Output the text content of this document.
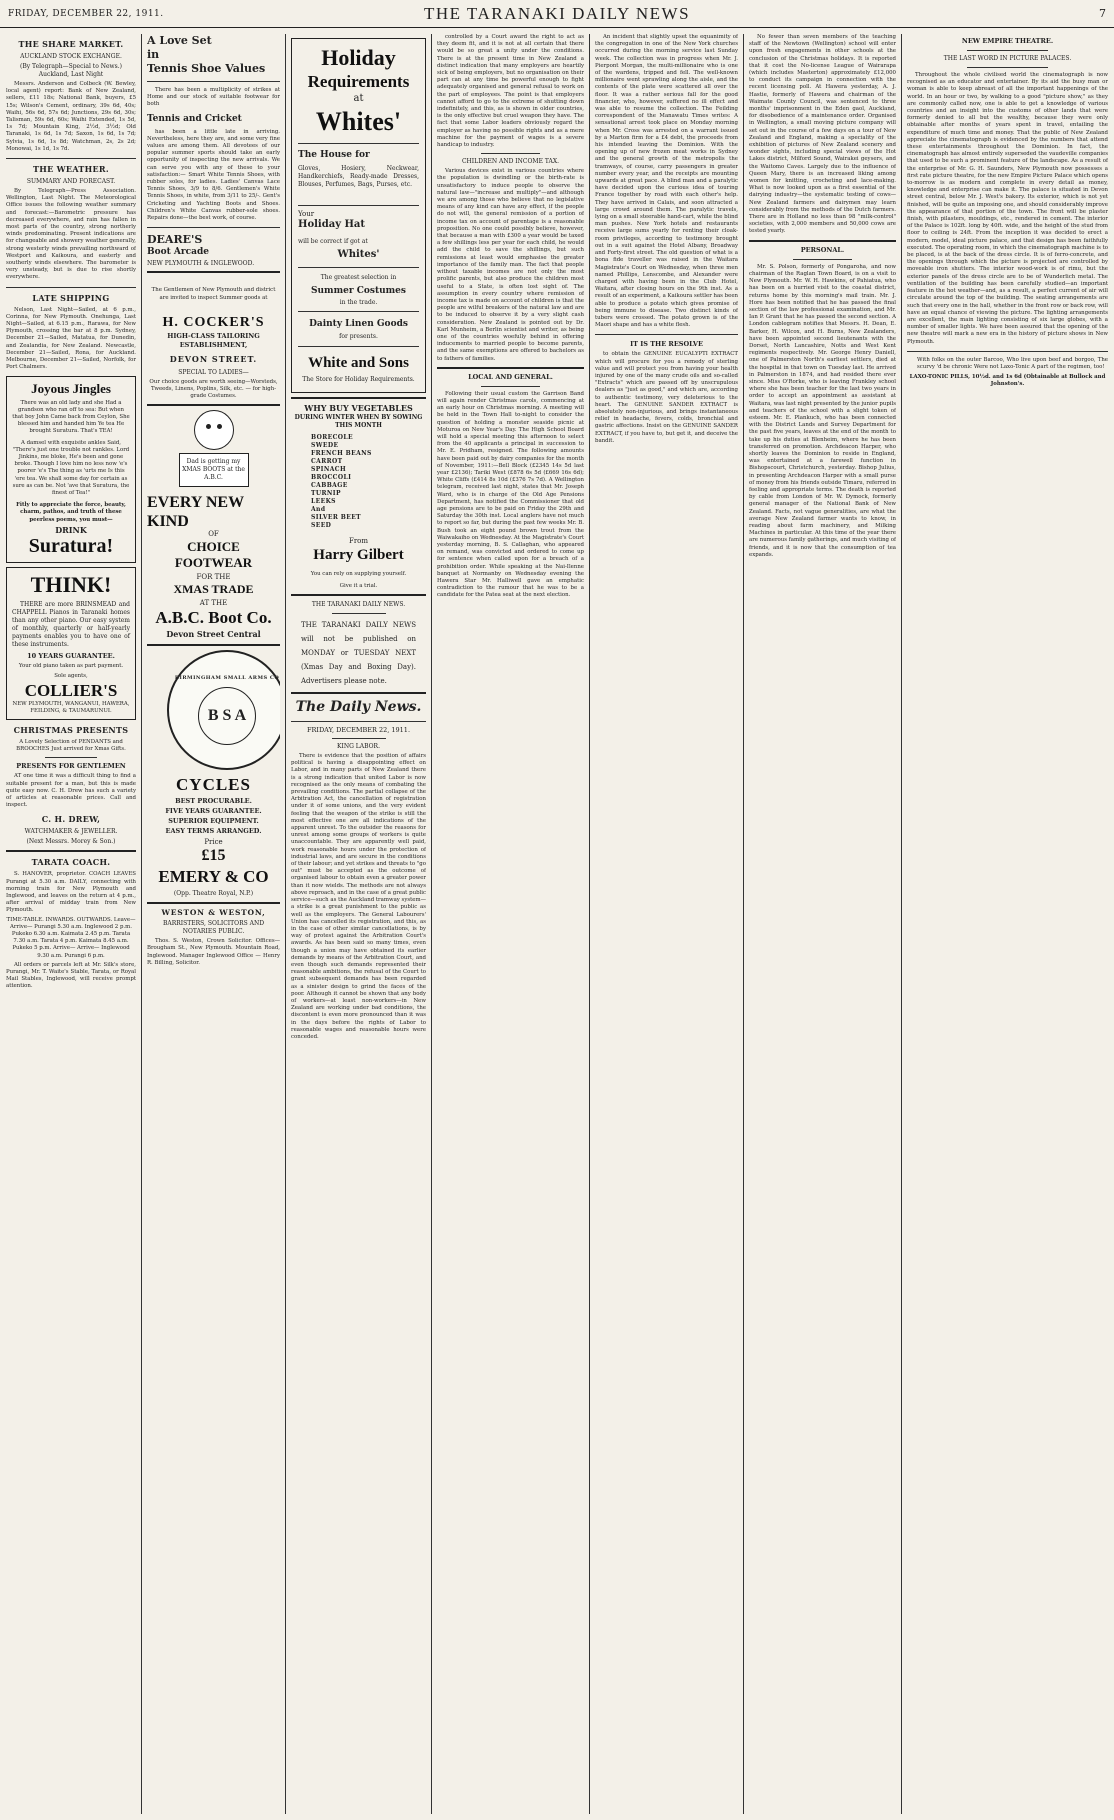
FRIDAY, DECEMBER 22, 1911.	THE TARANAKI DAILY NEWS	7
THE SHARE MARKET.
AUCKLAND STOCK EXCHANGE.
(By Telegraph—Special to News.) Auckland, Last Night

Messrs. Anderson and Colbeck (W. Bewley, local agent) report: Bank of New Zealand, sellers, £11 18s; National Bank, buyers, £5 15s; Wilson's Cement, ordinary, 39s 6d, 40s; Waihi, 56s 6d, 57s 6d; Junctions, 29s 6d, 30s; Talisman, 59s 6d, 60s; Waihi Extended, 1s 5d, 1s 7d; Mountain King, 2½d, 3½d; Old Taranaki, 1s 6d, 1s 7d; Saxon, 1s 6d, 1s 7d; Sylvia, 1s 6d, 1s 8d; Watchman, 2s, 2s 2d; Monowai, 1s 1d, 1s 7d.

THE WEATHER.
SUMMARY AND FORECAST.

By Telegraph—Press Association. Wellington, Last Night. The Meteorological Office issues the following weather summary and forecast:—Barometric pressure has decreased everywhere, and rain has fallen in most parts of the country, strong northerly winds predominating. Present indications are for changeable and showery weather generally, strong westerly winds prevailing northward of Westport and Kaikoura, and easterly and southerly winds elsewhere. The barometer is very unsteady, but is due to rise shortly everywhere.

LATE SHIPPING

Nelson, Last Night—Sailed, at 6 p.m., Corinna, for New Plymouth. Onehunga, Last Night—Sailed, at 6.15 p.m., Rarawa, for New Plymouth, crossing the bar at 8 p.m. Sydney, December 21—Sailed, Matatua, for Dunedin, and Zealandia, for New Zealand. Newcastle, December 21—Sailed, Rona, for Auckland. Melbourne, December 21—Sailed, Norfolk, for Port Chalmers.

Joyous Jingles

There was an old lady and she Had a grandson who ran off to sea: But when that boy John Came back from Ceylon, She blessed him and handed him Ye tea He brought Suratura. That's TEA!

A damsel with exquisite ankles Said, "There's just one trouble not rankles. Lord Jinkins, me bloke, He's been and gone broke. Though I love him no less now 'e's poorer 'e's The thing as 'urts me Is this 'ere tea. We shall some day for certain as sure as can be. Not 'ave that Suratura, the finest of Tea!"

Fitly to appreciate the force, beauty, charm, pathos, and truth of these peerless poems, you must—

DRINK
Suratura!
THINK!

THERE are more BRINSMEAD and CHAPPELL Pianos in Taranaki homes than any other piano. Our easy system of monthly, quarterly or half-yearly payments enables you to have one of these instruments.

10 YEARS GUARANTEE.

Your old piano taken as part payment.

Sole agents,

COLLIER'S

NEW PLYMOUTH, WANGANUI, HAWERA, FEILDING, & TAUMARUNUI.

CHRISTMAS PRESENTS

A Lovely Selection of PENDANTS and BROOCHES Just arrived for Xmas Gifts.

PRESENTS FOR GENTLEMEN

AT one time it was a difficult thing to find a suitable present for a man, but this is made quite easy now. C. H. Drew has such a variety of articles at reasonable prices. Call and inspect.

C. H. DREW,
WATCHMAKER & JEWELLER.
(Next Messrs. Morey & Son.)
TARATA COACH.

S. HANOVER, proprietor. COACH LEAVES Purangi at 5.30 a.m. DAILY, connecting with morning train for New Plymouth and Inglewood, and leaves on the return at 4 p.m., after arrival of midday train from New Plymouth.

TIME-TABLE. INWARDS. OUTWARDS. Leave— Arrive— Purangi 5.30 a.m. Inglewood 2 p.m. Pukeko 6.30 a.m. Kaimata 2.45 p.m. Tarata 7.30 a.m. Tarata 4 p.m. Kaimata 8.45 a.m. Pukeko 5 p.m. Arrive— Arrive— Inglewood 9.30 a.m. Purangi 6 p.m.

All orders or parcels left at Mr. Silk's store, Purangi, Mr. T. Waite's Stable, Tarata, or Royal Mail Stables, Inglewood, will receive prompt attention.

A Love Set
in
Tennis Shoe Values

There has been a multiplicity of strikes at Home and our stock of suitable footwear for both

Tennis and Cricket

has been a little late in arriving. Nevertheless, here they are, and some very fine values are among them. All devotees of our popular summer sports should take an early opportunity of inspecting the new arrivals. We can serve you with any of these to your satisfaction:— Smart White Tennis Shoes, with rubber soles, for ladies. Ladies' Canvas Lace Tennis Shoes, 3/9 to 8/6. Gentlemen's White Tennis Shoes, in white, from 3/11 to 25/-. Gent's Cricketing and Yachting Boots and Shoes. Children's White Canvas rubber-sole shoes. Repairs done—the best work, of course.

DEARE'S
Boot Arcade
NEW PLYMOUTH & INGLEWOOD.

The Gentlemen of New Plymouth and district are invited to inspect Summer goods at

H. COCKER'S
HIGH-CLASS TAILORING ESTABLISHMENT,
DEVON STREET.
SPECIAL TO LADIES—

Our choice goods are worth seeing—Worsteds, Tweeds, Linens, Poplins, Silk, etc. — for high-grade Costumes.

Dad is getting my XMAS BOOTS at the A.B.C.
EVERY NEW KIND
OF
CHOICE
FOOTWEAR
FOR THE
XMAS TRADE
AT THE
A.B.C. Boot Co.
Devon Street Central
BIRMINGHAM SMALL ARMS CO
B S A
CYCLES
BEST PROCURABLE.
FIVE YEARS GUARANTEE.
SUPERIOR EQUIPMENT.
EASY TERMS ARRANGED.
Price
£15
EMERY & CO
(Opp. Theatre Royal, N.P.)
WESTON & WESTON,
BARRISTERS, SOLICITORS AND NOTARIES PUBLIC.

Thos. S. Weston, Crown Solicitor. Offices—Brougham St., New Plymouth. Mountain Road, Inglewood. Manager Inglewood Office — Henry R. Billing, Solicitor.

Holiday
Requirements
at
Whites'
The House for

Gloves, Hosiery, Neckwear, Handkerchiefs, Ready-made Dresses, Blouses, Perfumes, Bags, Purses, etc.

Your
Holiday Hat

will be correct if got at

Whites'

The greatest selection in

Summer Costumes

in the trade.

Dainty Linen Goods

for presents.

White and Sons

The Store for Holiday Requirements.

WHY BUY VEGETABLES
DURING WINTER WHEN BY SOWING THIS MONTH
BORECOLE
SWEDE
FRENCH BEANS
CARROT
SPINACH
BROCCOLI
CABBAGE
TURNIP
LEEKS
And
SILVER BEET
SEED
From
Harry Gilbert

You can rely on supplying yourself.

Give it a trial.

THE TARANAKI DAILY NEWS.

THE TARANAKI DAILY NEWS will not be published on MONDAY or TUESDAY NEXT (Xmas Day and Boxing Day). Advertisers please note.

The Daily News.
FRIDAY, DECEMBER 22, 1911.
KING LABOR.

There is evidence that the position of affairs political is having a disappointing effect on Labor, and in many parts of New Zealand there is a strong indication that united Labor is now recognised as the only means of combating the prevailing conditions. The partial collapse of the Arbitration Act, the cancellation of registration under it of some unions, and the very evident feeling that the weapon of the strike is still the most effective one are all indications of the apparent unrest. To the outsider the reasons for unrest among some groups of workers is quite unaccountable. They are apparently well paid, work reasonable hours under the protection of industrial laws, and are secure in the conditions of their labour; and yet strikes and threats to "go out" must be accepted as the outcome of organised labour to obtain even a greater power than it now wields. The methods are not always above reproach, and in the case of a great public service—such as the Auckland tramway system—a strike is a great punishment to the public as well as the employers. The General Labourers' Union has cancelled its registration, and this, as in the case of other similar cancellations, is by way of protest against the Arbitration Court's awards. As has been said so many times, even though a union may have obtained its earlier demands by means of the Arbitration Court, and even though such demands represented their reasonable ambitions, the refusal of the Court to grant subsequent demands has been regarded as a sinister design to grind the faces of the poor. Although it cannot be shown that any body of workers—at least non-workers—in New Zealand are working under bad conditions, the discontent is even more pronounced than it was in the days before the rights of Labor to reasonable wages and reasonable hours were conceded.

controlled by a Court award the right to act as they deem fit, and it is not at all certain that there would be so great a unity under the conditions. There is at the present time in New Zealand a distinct indication that many employers are heartily sick of being employers, but no organisation on their part can at any time be powerful enough to fight adequately organised and general refusal to work on the part of employees. The point is that employers cannot afford to go to the extreme of shutting down indefinitely, and this, as is shown in older countries, is the only effective but cruel weapon they have. The fact that some Labor leaders obviously regard the employer as having no possible rights and as a mere machine for the payment of wages is a severe handicap to industry.

CHILDREN AND INCOME TAX.

Various devices exist in various countries where the population is dwindling or the birth-rate is unsatisfactory to induce people to observe the natural law—"increase and multiply"—and although we are among those who believe that no legislative means of any kind can have any effect, if the people do not will, the general remission of a portion of income tax on account of parentage is a reasonable proposition. No one could possibly believe, however, that because a man with £300 a year would be taxed a few shillings less per year for each child, he would add the child to save the shillings, but such remissions at least would emphasise the greater importance of the family man. The fact that people without taxable incomes are not only the most prolific parents, but also produce the children most useful to a State, is often lost sight of. The assumption in every country where remission of income tax is made on account of children is that the people are wilful breakers of the natural law and are to be induced to observe it by a very slight cash consideration. New Zealand is pointed out by Dr. Karl Munheim, a Berlin scientist and writer, as being one of the countries woefully behind in offering inducements to married people to become parents, and the same exemptions are offered to bachelors as to fathers of families.

LOCAL AND GENERAL.

Following their usual custom the Garrison Band will again render Christmas carols, commencing at an early hour on Christmas morning. A meeting will be held in the Town Hall to-night to consider the question of holding a monster seaside picnic at Moturoa on New Year's Day. The High School Board will hold a special meeting this afternoon to select from the 40 applicants a principal in succession to Mr. E. Pridham, resigned. The following amounts have been paid out by dairy companies for the month of November, 1911:—Bell Block (£2345 14s 5d last year £2136); Tariki West (£878 6s 5d (£669 16s 6d); White Cliffs (£414 8s 10d (£376 7s 7d). A Wellington telegram, received last night, states that Mr. Joseph Ward, who is in charge of the Old Age Pensions Department, has notified the Commissioner that old age pensions are to be paid on Friday the 29th and Saturday the 30th inst. Local anglers have not much to report so far, but during the past few weeks Mr. B. Bush took an eight pound brown trout from the Waiwakaiho on Wednesday. At the Magistrate's Court yesterday morning, B. S. Callaghan, who appeared on remand, was convicted and ordered to come up for sentence when called upon for a breach of a prohibition order. While speaking at the Nai-Ilenne banquet at Normanby on Wednesday evening the Hawera Star Mr. Halliwell gave an emphatic contradiction to the rumour that he was to be a candidate for the Patea seat at the next election.

An incident that slightly upset the equanimity of the congregation in one of the New York churches occurred during the morning service last Sunday week. The collection was in progress when Mr. J. Pierpont Morgan, the multi-millionaire who is one of the wardens, tripped and fell. The well-known millionaire went sprawling along the aisle, and the contents of the plate were scattered all over the floor. It was a rather serious fall for the good financier, who, however, suffered no ill effect and was able to resume the collection. The Feilding correspondent of the Manawatu Times writes: A sensational arrest took place on Monday morning when Mr. Cross was arrested on a warrant issued by a Marton firm for a £4 debt, the proceeds from his intended leaving the Dominion. With the opening up of new frozen meat works in Sydney and the general growth of the metropolis the tramways, of course, carry passengers in greater number every year, and the receipts are mounting upwards at great pace. A blind man and a paralytic have decided upon the curious idea of touring France together by road with each other's help. They have arrived in Calais, and soon attracted a large crowd around them. The paralytic travels, lying on a small steerable hand-cart, while the blind man pushes. New York hotels and restaurants receive large sums yearly for renting their cloak-room privileges, according to testimony brought out in a suit against the Hotel Albany, Broadway and Forty-first street. The old question of what is a bona fide traveller was raised in the Waitara Magistrate's Court on Wednesday, when three men named Phillips, Lenscombe, and Alexander were charged with having been in the Club Hotel, Waitara, after closing hours on the 9th inst. As a result of an experiment, a Kaikoura settler has been able to produce a potato which gives promise of being immune to disease. Two distinct kinds of tubers were crossed. The potato grown is of the Maori shape and has a white flesh.

IT IS THE RESOLVE

to obtain the GENUINE EUCALYPTI EXTRACT which will procure for you a remedy of sterling value and will protect you from having your health injured by one of the many crude oils and so-called "Extracts" which are passed off by unscrupulous dealers as "just as good," and which are, according to authentic testimony, very deleterious to the heart. The GENUINE SANDER EXTRACT is absolutely non-injurious, and brings instantaneous relief in headache, fevers, colds, bronchial and gastric affections. Insist on the GENUINE SANDER EXTRACT, if you have to, but get it, and deceive the bandit.

No fewer than seven members of the teaching staff of the Newtown (Wellington) school will enter upon fresh engagements in other schools at the conclusion of the Christmas holidays. It is reported that it cost the No-license League of Wairarapa (which includes Masterton) approximately £12,000 to conduct its campaign in connection with the recent licensing poll. At Hawera yesterday, A. J. Hastie, formerly of Hawera and chairman of the Waimate County Council, was sentenced to three months' imprisonment in the Eden gaol, Auckland, for disobedience of a maintenance order. Organised in Wellington, a small moving picture company will set out in the course of a few days on a tour of New Zealand and England, making a speciality of the exhibition of pictures of New Zealand scenery and wonder sights, including special views of the Hot Lakes district, Milford Sound, Wairakei geysers, and the Waitomo Caves. Largely due to the influence of Queen Mary, there is an increased liking among women for knitting, crocheting and lace-making. What is now looked upon as a first essential of the dairying industry—the systematic testing of cows—New Zealand farmers and dairymen may learn considerably from the methods of the Dutch farmers. There are in Holland no less than 98 "milk-control" societies, with 2,000 members and 50,000 cows are tested yearly.

PERSONAL.

Mr. S. Polson, formerly of Pongaroha, and now chairman of the Raglan Town Board, is on a visit to New Plymouth. Mr. W. H. Hawkins, of Pahiatua, who has been on a hurried visit to the coastal district, returns home by this morning's mail train. Mr. J. Hore has been notified that he has passed the final section of the law professional examination, and Mr. Ian P. Grant that he has passed the second section. A London cablegram notifies that Messrs. H. Dean, E. Barker, H. Wilcox, and H. Burns, New Zealanders, have been appointed second lieutenants with the Dorset, North Lancashire, Notts and West Kent regiments respectively. Mr. George Henry Daniell, one of Palmerston North's earliest settlers, died at the hospital in that town on Tuesday last. He arrived in Palmerston in 1874, and had resided there ever since. Miss O'Rorke, who is leaving Frankley school where she has been teacher for the last two years in order to accept an appointment as assistant at Waitara, was last night presented by the junior pupils and teachers of the school with a slight token of esteem. Mr. E. Plankuch, who has been connected with the District Lands and Survey Department for the past five years, leaves at the end of the month to take up his duties at Blenheim, where he has been transferred on promotion. Archdeacon Harper, who shortly leaves the Dominion to reside in England, was entertained at a farewell function in Bishopscourt, Christchurch, yesterday. Bishop Julius, in presenting Archdeacon Harper with a small purse of money from his friends outside Timaru, referred in feeling and appropriate terms. The death is reported by cable from London of Mr. W. Dymock, formerly general manager of the National Bank of New Zealand. Facts, not vague generalities, are what the average New Zealand farmer wants to know, in reading about farm machinery, and Milking Machines in particular. At this time of the year there are numerous family gatherings, and much visiting of friends, and it is now that the consumption of tea expands.

NEW EMPIRE THEATRE.
THE LAST WORD IN PICTURE PALACES.

Throughout the whole civilised world the cinematograph is now recognised as an educator and entertainer. By its aid the busy man or woman is able to keep abreast of all the important happenings of the world. In an hour or two, by walking to a good "picture show," as they are commonly called now, one is able to get a knowledge of various countries and an insight into the customs of other lands that were formerly denied to all but the wealthy, because they were only obtainable after months of years spent in travel, entailing the expenditure of much time and money. That the public of New Zealand appreciate the cinematograph is evidenced by the numbers that attend these entertainments throughout the Dominion. In fact, the cinematograph has almost entirely superseded the vaudeville companies that used to be such a prominent feature of the landscape. As a result of the enterprise of Mr. G. H. Saunders, New Plymouth now possesses a first rate picture theatre, for the new Empire Picture Palace which opens to-morrow is as modern and complete in every detail as money, knowledge and enterprise can make it. The palace is situated in Devon street central, below Mr. J. West's bakery. Its exterior, which is not yet finished, will be quite an imposing one, and should considerably improve the appearance of that portion of the town. The front will be plaster finish, with pilasters, mouldings, etc., rendered in cement. The interior of the Palace is 102ft. long by 40ft. wide, and the height of the stud from floor to ceiling is 24ft. From the inception it was decided to erect a modern, model, ideal picture palace, and that design has been faithfully executed. The operating room, in which the cinematograph machine is to be placed, is at the back of the dress circle. It is of ferro-concrete, and the openings through which the picture is projected are controlled by moveable iron shutters. The interior wood-work is of rimu, but the exterior panels of the dress circle are to be of Wunderlich metal. The ventilation of the building has been carefully studied—an important feature in the hot weather—and, as a result, a perfect current of air will circulate around the top of the building. The seating arrangements are such that every one in the hall, whether in the front row or back row, will have an equal chance of viewing the picture. The lighting arrangements are excellent, the main lighting consisting of six large globes, with a number of smaller lights. We have been assured that the opening of the new theatre will mark a new era in the history of picture shows in New Plymouth.

With folks on the outer Barcoo, Who live upon beef and borgoo, The scurvy 'd be chronic Were not Laxo-Tonic A part of the regimen, too!

LAXO-TONIC PILLS, 10½d. and 1s 6d (Obtainable at Bullock and Johnston's.
